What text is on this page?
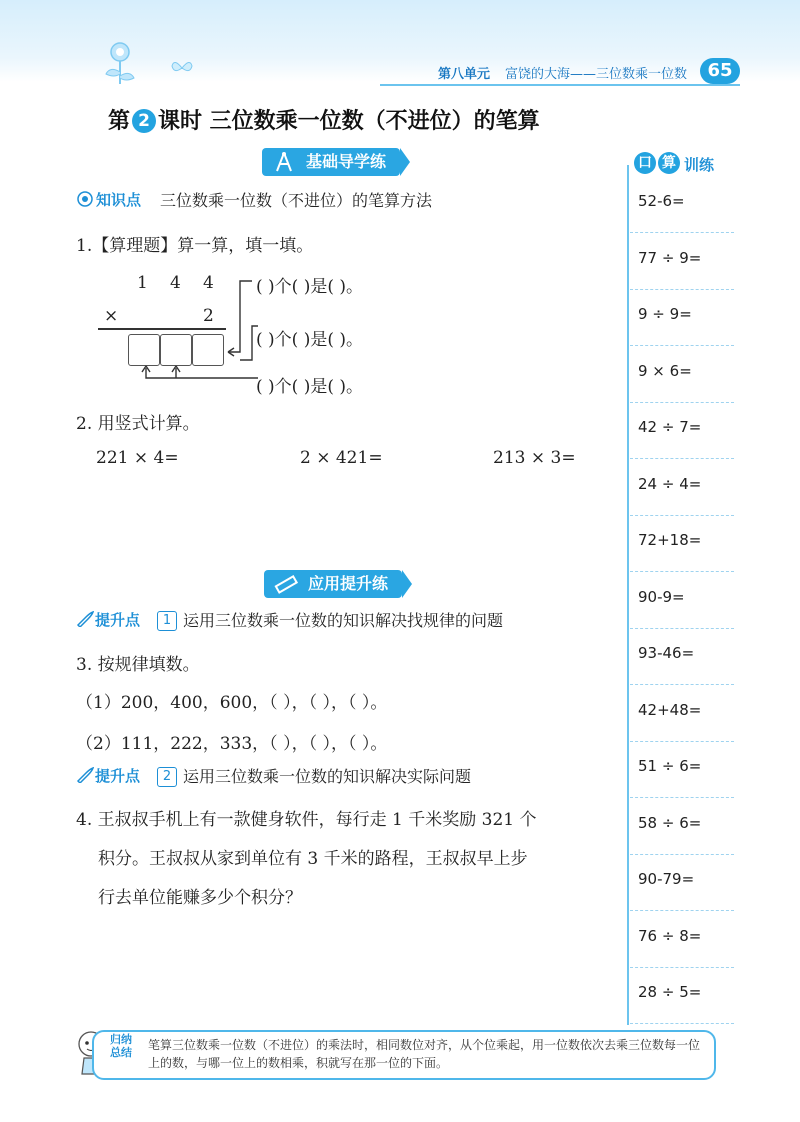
第八单元 富饶的大海——三位数乘一位数	65
第 2 课时 三位数乘一位数（不进位）的笔算
基础导学练
知识点 三位数乘一位数（不进位）的笔算方法
1.【算理题】算一算，填一填。
1 4 4
×	2
( )个( )是( )。
( )个( )是( )。
( )个( )是( )。
2. 用竖式计算。
221 × 4=	2 × 421=	213 × 3=
应用提升练
提升点	1 运用三位数乘一位数的知识解决找规律的问题
3. 按规律填数。
（1）200，400，600，（ ），（ ），（ ）。
（2）111，222，333，（ ），（ ），（ ）。
提升点	2 运用三位数乘一位数的知识解决实际问题
4. 王叔叔手机上有一款健身软件，每行走 1 千米奖励 321 个
积分。王叔叔从家到单位有 3 千米的路程，王叔叔早上步
行去单位能赚多少个积分？
口 算 训练
52-6=
77 ÷ 9=
9 ÷ 9=
9 × 6=
42 ÷ 7=
24 ÷ 4=
72+18=
90-9=
93-46=
42+48=
51 ÷ 6=
58 ÷ 6=
90-79=
76 ÷ 8=
28 ÷ 5=
归纳
总结
笔算三位数乘一位数（不进位）的乘法时，相同数位对齐，从个位乘起，用一位数依次去乘三位数每一位上的数，与哪一位上的数相乘，积就写在那一位的下面。
